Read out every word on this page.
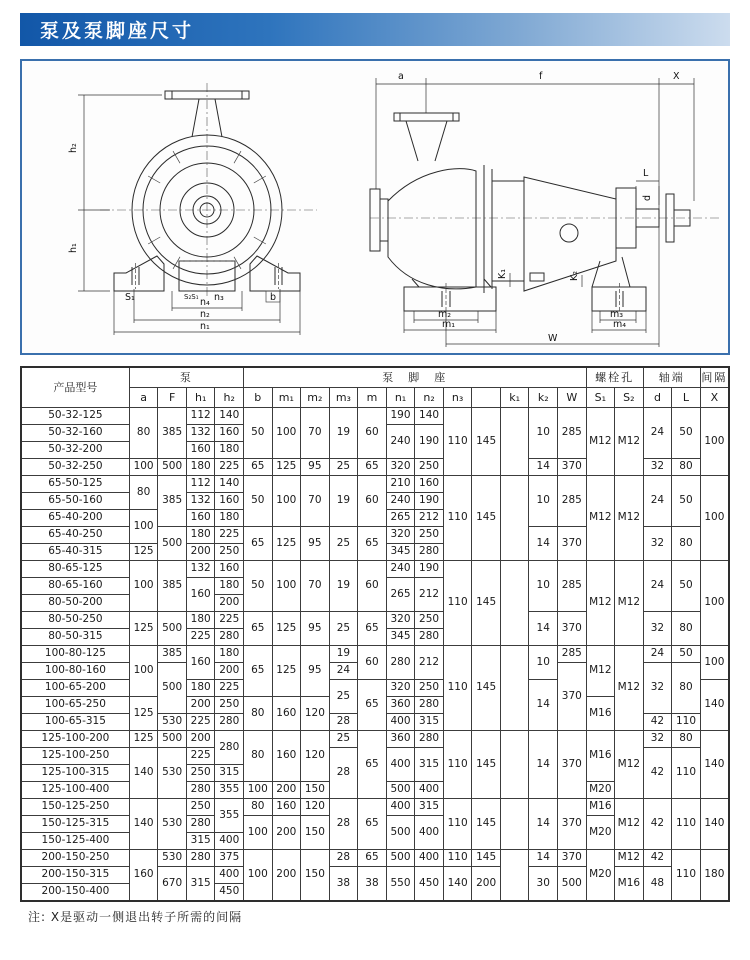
泵及泵脚座尺寸
h₂
h₁
S₂S₁ n₃
n₄
n₂
n₁
S₁	b
a	f	X
L
d
K₁	K₂
m₂
m₁
m₃
m₄
W
产品型号	泵				泵　脚　座												螺栓孔		轴端		间隔
	a	F	h₁	h₂	b	m₁	m₂	m₃	m	n₁	n₂	n₃		k₁	k₂	W	S₁	S₂	d	L	X
50-32-125	80	385	112	140	50	100	70	19	60	190	140	110	145		10	285	M12	M12	24	50	100
50-32-160			132	160						240	190										
50-32-200			160	180																	
50-32-250	100	500	180	225	65	125	95	25	65	320	250				14	370			32	80	
65-50-125	80	385	112	140	50	100	70	19	60	210	160	110	145		10	285	M12	M12	24	50	100
65-50-160			132	160						240	190										
65-40-200	100		160	180						265	212										
65-40-250		500	180	225	65	125	95	25	65	320	250				14	370			32	80	
65-40-315	125		200	250						345	280										
80-65-125	100	385	132	160	50	100	70	19	60	240	190	110	145		10	285	M12	M12	24	50	100
80-65-160			160	180						265	212										
80-50-200				200																	
80-50-250	125	500	180	225	65	125	95	25	65	320	250				14	370			32	80	
80-50-315			225	280						345	280										
100-80-125	100	385	160	180	65	125	95	19	60	280	212	110	145		10	285	M12	M12	24	50	100
100-80-160		500		200				24								370			32	80	
100-65-200			180	225				25	65	320	250				14						140
100-65-250	125		200	250	80	160	120			360	280						M16				
100-65-315		530	225	280				28		400	315								42	110	
125-100-200	125	500	200	280	80	160	120	25	65	360	280	110	145		14	370	M16	M12	32	80	140
125-100-250	140	530	225					28		400	315								42	110	
125-100-315			250	315																	
125-100-400			280	355	100	200	150			500	400						M20				
150-125-250	140	530	250	355	80	160	120	28	65	400	315	110	145		14	370	M16	M12	42	110	140
150-125-315			280		100	200	150			500	400						M20				
150-125-400			315	400																	
200-150-250	160	530	280	375	100	200	150	28	65	500	400	110	145		14	370	M20	M12	42	110	180
200-150-315		670	315	400				38	38	550	450	140	200		30	500		M16	48		
200-150-400				450																	
注: X是驱动一侧退出转子所需的间隔
